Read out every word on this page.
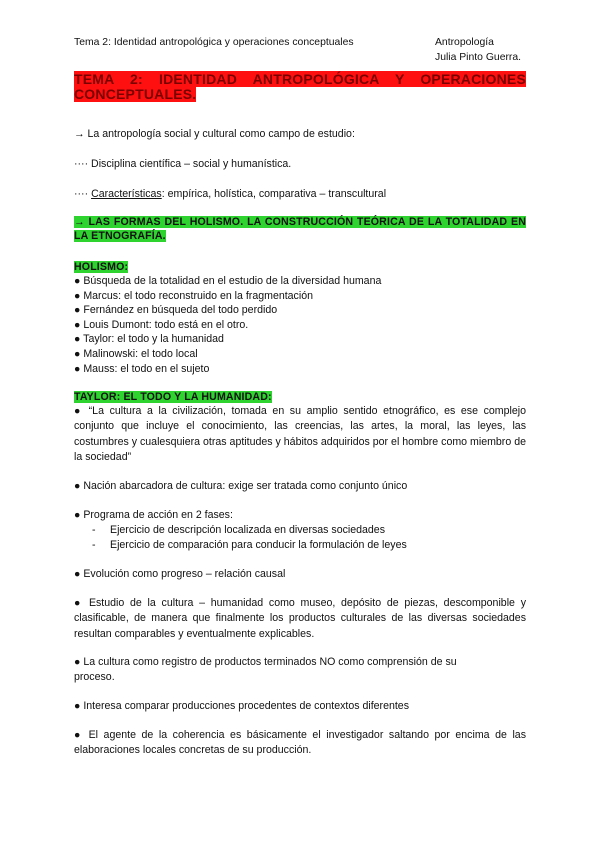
Tema 2: Identidad antropológica y operaciones conceptuales	Antropología
Julia Pinto Guerra.
TEMA 2: IDENTIDAD ANTROPOLÓGICA Y OPERACIONES CONCEPTUALES.
→ La antropología social y cultural como campo de estudio:
···· Disciplina científica – social y humanística.
···· Características: empírica, holística, comparativa – transcultural
→ LAS FORMAS DEL HOLISMO. LA CONSTRUCCIÓN TEÓRICA DE LA TOTALIDAD EN LA ETNOGRAFÍA.
HOLISMO:
● Búsqueda de la totalidad en el estudio de la diversidad humana
● Marcus: el todo reconstruido en la fragmentación
● Fernández en búsqueda del todo perdido
● Louis Dumont: todo está en el otro.
● Taylor: el todo y la humanidad
● Malinowski: el todo local
● Mauss: el todo en el sujeto
TAYLOR: EL TODO Y LA HUMANIDAD:
● “La cultura a la civilización, tomada en su amplio sentido etnográfico, es ese complejo conjunto que incluye el conocimiento, las creencias, las artes, la moral, las leyes, las costumbres y cualesquiera otras aptitudes y hábitos adquiridos por el hombre como miembro de la sociedad”
● Nación abarcadora de cultura: exige ser tratada como conjunto único
● Programa de acción en 2 fases:
- Ejercicio de descripción localizada en diversas sociedades
- Ejercicio de comparación para conducir la formulación de leyes
● Evolución como progreso – relación causal
● Estudio de la cultura – humanidad como museo, depósito de piezas, descomponible y clasificable, de manera que finalmente los productos culturales de las diversas sociedades resultan comparables y eventualmente explicables.
● La cultura como registro de productos terminados NO como comprensión de su
proceso.
● Interesa comparar producciones procedentes de contextos diferentes
● El agente de la coherencia es básicamente el investigador saltando por encima de las elaboraciones locales concretas de su producción.
